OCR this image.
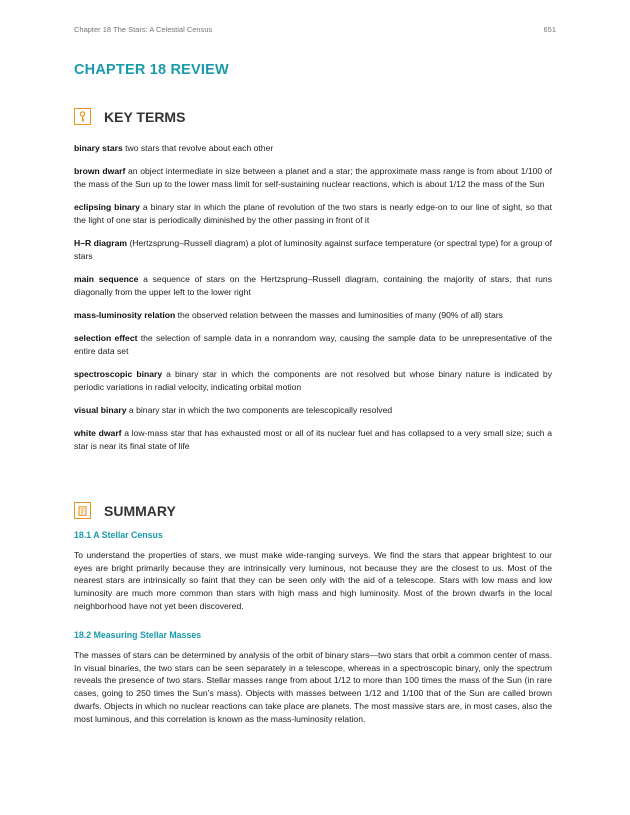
Chapter 18 The Stars: A Celestial Census	651
CHAPTER 18 REVIEW
KEY TERMS

binary stars two stars that revolve about each other

brown dwarf an object intermediate in size between a planet and a star; the approximate mass range is from about 1/100 of the mass of the Sun up to the lower mass limit for self-sustaining nuclear reactions, which is about 1/12 the mass of the Sun

eclipsing binary a binary star in which the plane of revolution of the two stars is nearly edge-on to our line of sight, so that the light of one star is periodically diminished by the other passing in front of it

H–R diagram (Hertzsprung–Russell diagram) a plot of luminosity against surface temperature (or spectral type) for a group of stars

main sequence a sequence of stars on the Hertzsprung–Russell diagram, containing the majority of stars, that runs diagonally from the upper left to the lower right

mass-luminosity relation the observed relation between the masses and luminosities of many (90% of all) stars

selection effect the selection of sample data in a nonrandom way, causing the sample data to be unrepresentative of the entire data set

spectroscopic binary a binary star in which the components are not resolved but whose binary nature is indicated by periodic variations in radial velocity, indicating orbital motion

visual binary a binary star in which the two components are telescopically resolved

white dwarf a low-mass star that has exhausted most or all of its nuclear fuel and has collapsed to a very small size; such a star is near its final state of life

SUMMARY
18.1 A Stellar Census

To understand the properties of stars, we must make wide-ranging surveys. We find the stars that appear brightest to our eyes are bright primarily because they are intrinsically very luminous, not because they are the closest to us. Most of the nearest stars are intrinsically so faint that they can be seen only with the aid of a telescope. Stars with low mass and low luminosity are much more common than stars with high mass and high luminosity. Most of the brown dwarfs in the local neighborhood have not yet been discovered.

18.2 Measuring Stellar Masses

The masses of stars can be determined by analysis of the orbit of binary stars—two stars that orbit a common center of mass. In visual binaries, the two stars can be seen separately in a telescope, whereas in a spectroscopic binary, only the spectrum reveals the presence of two stars. Stellar masses range from about 1/12 to more than 100 times the mass of the Sun (in rare cases, going to 250 times the Sun’s mass). Objects with masses between 1/12 and 1/100 that of the Sun are called brown dwarfs. Objects in which no nuclear reactions can take place are planets. The most massive stars are, in most cases, also the most luminous, and this correlation is known as the mass-luminosity relation.
